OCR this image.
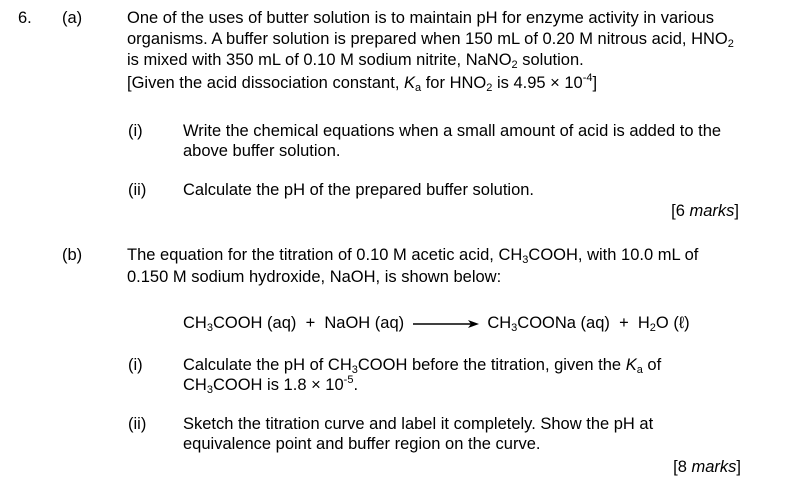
6. (a)	One of the uses of butter solution is to maintain pH for enzyme activity in various
organisms. A buffer solution is prepared when 150 mL of 0.20 M nitrous acid, $HNO_2$
is mixed with 350 mL of 0.10 M sodium nitrite, NaNO$_2$ solution.
[Given the acid dissociation constant, $K_a$ for $HNO_2$ is $4.95 \times 10^{-4}$]
(i) Write the chemical equations when a small amount of acid is added to the
above buffer solution.
(ii) Calculate the pH of the prepared buffer solution.
[6 marks]
(b)	The equation for the titration of 0.10 M acetic acid, $CH_3COOH$, with 10.0 mL of
0.150 M sodium hydroxide, NaOH, is shown below:
$CH_3COOH$ (aq)  +  NaOH $(aq) \to CH_3COONa$ $(aq) + H_2O$ (ℓ)
(i) Calculate the pH of $CH_3COOH$ before the titration, given the $K_a$ of
$CH_3COOH$ is $1.8 \times 10^{-5}$.
(ii) Sketch the titration curve and label it completely. Show the pH at
equivalence point and buffer region on the curve.
[8 marks]
